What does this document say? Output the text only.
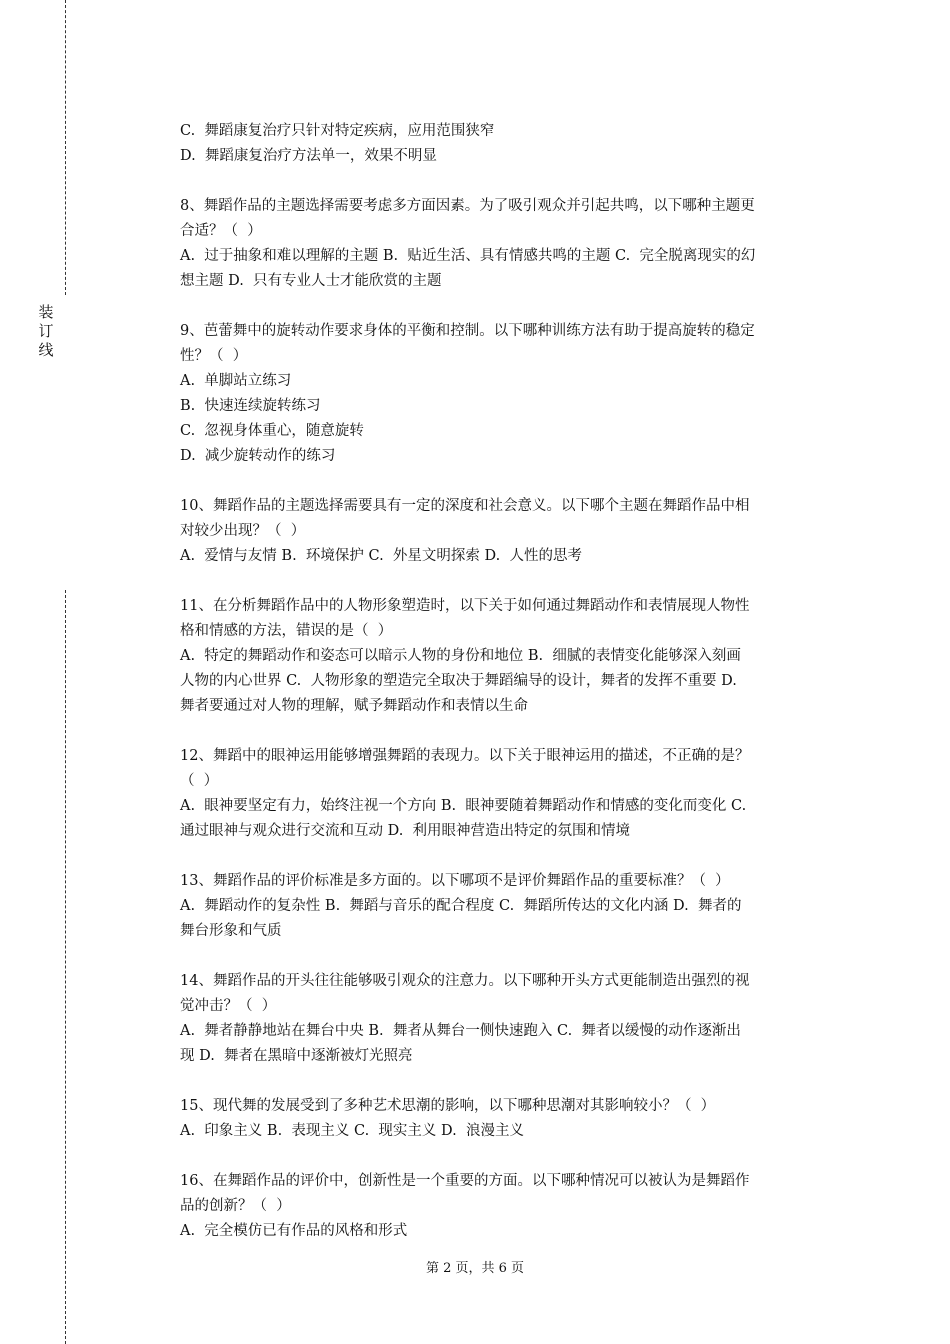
装
订
线
C.  舞蹈康复治疗只针对特定疾病，应用范围狭窄
D.  舞蹈康复治疗方法单一，效果不明显
8、舞蹈作品的主题选择需要考虑多方面因素。为了吸引观众并引起共鸣，以下哪种主题更
合适？（  ）
A.  过于抽象和难以理解的主题 B.  贴近生活、具有情感共鸣的主题 C.  完全脱离现实的幻
想主题 D.  只有专业人士才能欣赏的主题
9、芭蕾舞中的旋转动作要求身体的平衡和控制。以下哪种训练方法有助于提高旋转的稳定
性？（  ）
A.  单脚站立练习
B.  快速连续旋转练习
C.  忽视身体重心，随意旋转
D.  减少旋转动作的练习
10、舞蹈作品的主题选择需要具有一定的深度和社会意义。以下哪个主题在舞蹈作品中相
对较少出现？（  ）
A.  爱情与友情 B.  环境保护 C.  外星文明探索 D.  人性的思考
11、在分析舞蹈作品中的人物形象塑造时，以下关于如何通过舞蹈动作和表情展现人物性
格和情感的方法，错误的是（  ）
A.  特定的舞蹈动作和姿态可以暗示人物的身份和地位 B.  细腻的表情变化能够深入刻画
人物的内心世界 C.  人物形象的塑造完全取决于舞蹈编导的设计，舞者的发挥不重要 D.
舞者要通过对人物的理解，赋予舞蹈动作和表情以生命
12、舞蹈中的眼神运用能够增强舞蹈的表现力。以下关于眼神运用的描述，不正确的是？
（  ）
A.  眼神要坚定有力，始终注视一个方向 B.  眼神要随着舞蹈动作和情感的变化而变化 C.
通过眼神与观众进行交流和互动 D.  利用眼神营造出特定的氛围和情境
13、舞蹈作品的评价标准是多方面的。以下哪项不是评价舞蹈作品的重要标准？（  ）
A.  舞蹈动作的复杂性 B.  舞蹈与音乐的配合程度 C.  舞蹈所传达的文化内涵 D.  舞者的
舞台形象和气质
14、舞蹈作品的开头往往能够吸引观众的注意力。以下哪种开头方式更能制造出强烈的视
觉冲击？（  ）
A.  舞者静静地站在舞台中央 B.  舞者从舞台一侧快速跑入 C.  舞者以缓慢的动作逐渐出
现 D.  舞者在黑暗中逐渐被灯光照亮
15、现代舞的发展受到了多种艺术思潮的影响，以下哪种思潮对其影响较小？（  ）
A.  印象主义 B.  表现主义 C.  现实主义 D.  浪漫主义
16、在舞蹈作品的评价中，创新性是一个重要的方面。以下哪种情况可以被认为是舞蹈作
品的创新？（  ）
A.  完全模仿已有作品的风格和形式
第 2 页，共 6 页
